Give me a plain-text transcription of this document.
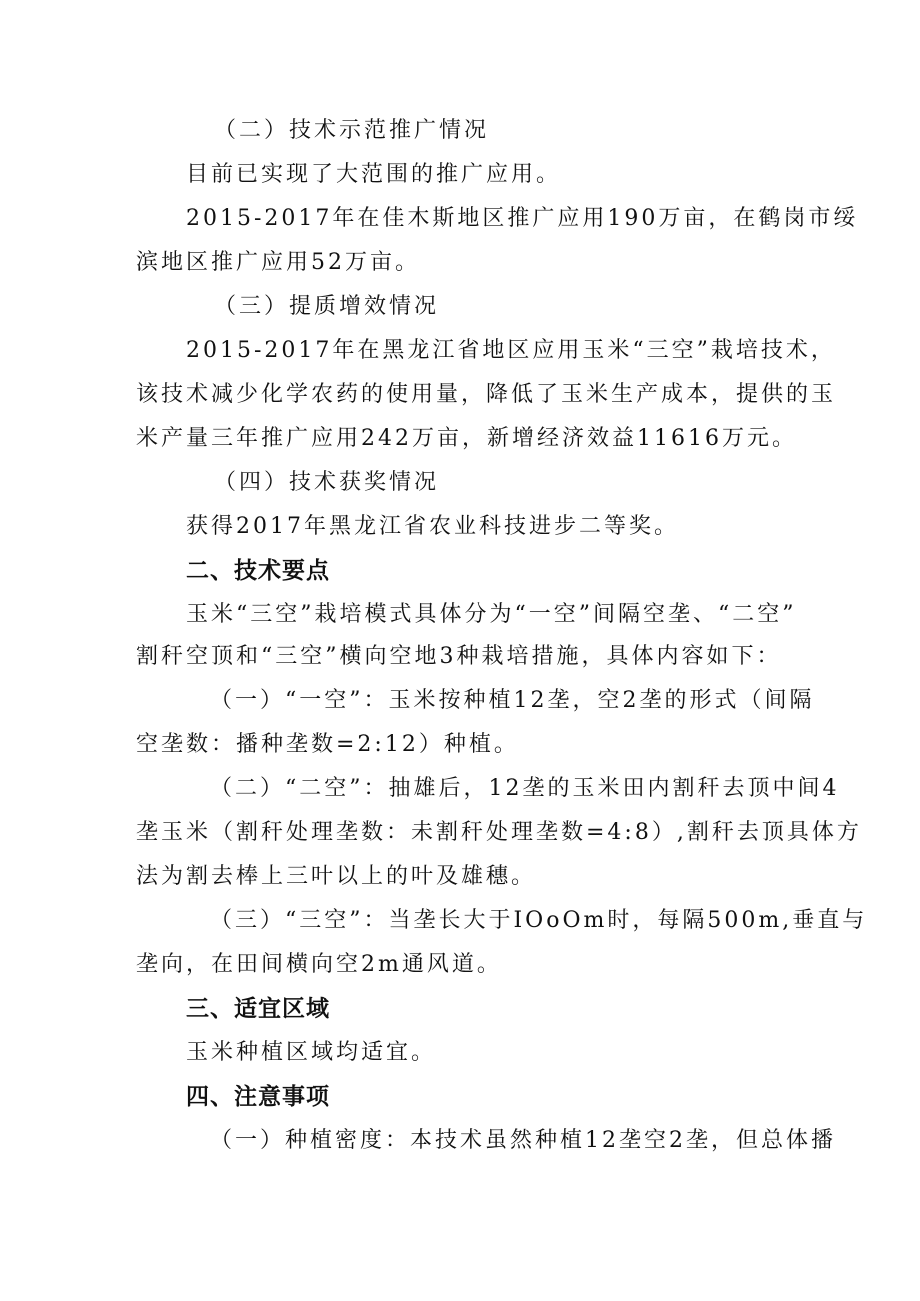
（二）技术示范推广情况
目前已实现了大范围的推广应用。
2015-2017年在佳木斯地区推广应用190万亩，在鹤岗市绥
滨地区推广应用52万亩。
（三）提质增效情况
2015-2017年在黑龙江省地区应用玉米“三空”栽培技术，
该技术减少化学农药的使用量，降低了玉米生产成本，提供的玉
米产量三年推广应用242万亩，新增经济效益11616万元。
（四）技术获奖情况
获得2017年黑龙江省农业科技进步二等奖。
二、技术要点
玉米“三空”栽培模式具体分为“一空”间隔空垄、“二空”
割秆空顶和“三空”横向空地3种栽培措施，具体内容如下：
（一）“一空”：玉米按种植12垄，空2垄的形式（间隔
空垄数：播种垄数=2:12）种植。
（二）“二空”：抽雄后，12垄的玉米田内割秆去顶中间4
垄玉米（割秆处理垄数：未割秆处理垄数=4:8）,割秆去顶具体方
法为割去棒上三叶以上的叶及雄穗。
（三）“三空”：当垄长大于IOoOm时，每隔500m,垂直与
垄向，在田间横向空2m通风道。
三、适宜区域
玉米种植区域均适宜。
四、注意事项
（一）种植密度：本技术虽然种植12垄空2垄，但总体播
